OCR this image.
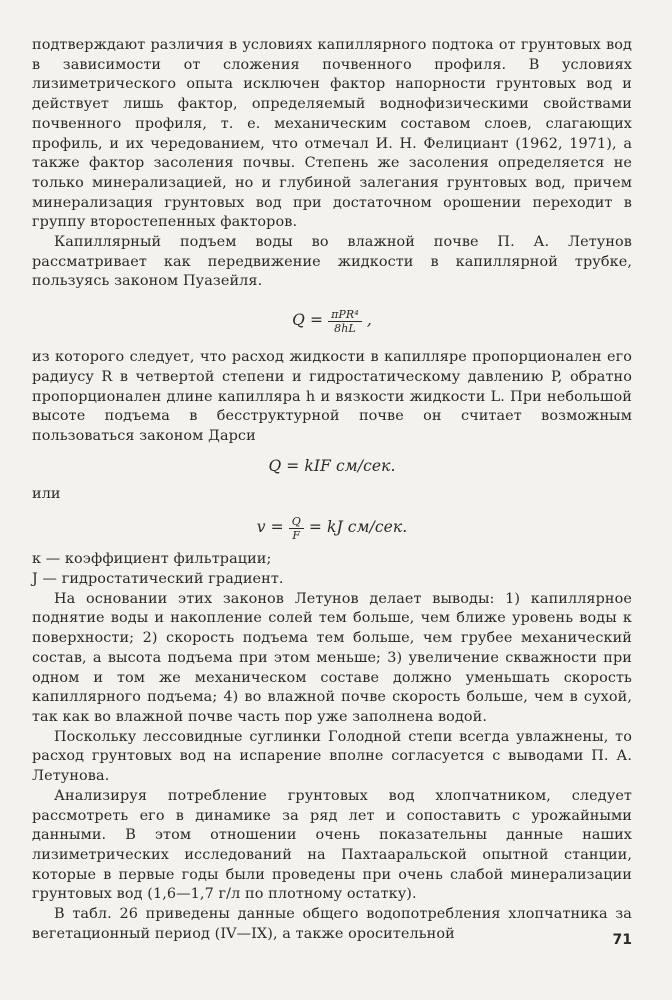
подтверждают различия в условиях капиллярного подтока от грунтовых вод в зависимости от сложения почвенного профиля. В условиях лизиметрического опыта исключен фактор напорности грунтовых вод и действует лишь фактор, определяемый воднофизическими свойствами почвенного профиля, т. е. механическим составом слоев, слагающих профиль, и их чередованием, что отмечал И. Н. Фелициант (1962, 1971), а также фактор засоления почвы. Степень же засоления определяется не только минерализацией, но и глубиной залегания грунтовых вод, причем минерализация грунтовых вод при достаточном орошении переходит в группу второстепенных факторов.

Капиллярный подъем воды во влажной почве П. А. Летунов рассматривает как передвижение жидкости в капиллярной трубке, пользуясь законом Пуазейля.

$Q = \frac{\text{πPR⁴}}{8hL}$ ,

из которого следует, что расход жидкости в капилляре пропорционален его радиусу R в четвертой степени и гидростатическому давлению P, обратно пропорционален длине капилляра h и вязкости жидкости L. При небольшой высоте подъема в бесструктурной почве он считает возможным пользоваться законом Дарси

Q = kIF см/сек.

или

$v = \frac{Q}{F}$ = kJ см/сек.

к — коэффициент фильтрации;

J — гидростатический градиент.

На основании этих законов Летунов делает выводы: 1) капиллярное поднятие воды и накопление солей тем больше, чем ближе уровень воды к поверхности; 2) скорость подъема тем больше, чем грубее механический состав, а высота подъема при этом меньше; 3) увеличение скважности при одном и том же механическом составе должно уменьшать скорость капиллярного подъема; 4) во влажной почве скорость больше, чем в сухой, так как во влажной почве часть пор уже заполнена водой.

Поскольку лессовидные суглинки Голодной степи всегда увлажнены, то расход грунтовых вод на испарение вполне согласуется с выводами П. А. Летунова.

Анализируя потребление грунтовых вод хлопчатником, следует рассмотреть его в динамике за ряд лет и сопоставить с урожайными данными. В этом отношении очень показательны данные наших лизиметрических исследований на Пахтааральской опытной станции, которые в первые годы были проведены при очень слабой минерализации грунтовых вод (1,6—1,7 г/л по плотному остатку).

В табл. 26 приведены данные общего водопотребления хлопчатника за вегетационный период (IV—IX), а также оросительной	71
